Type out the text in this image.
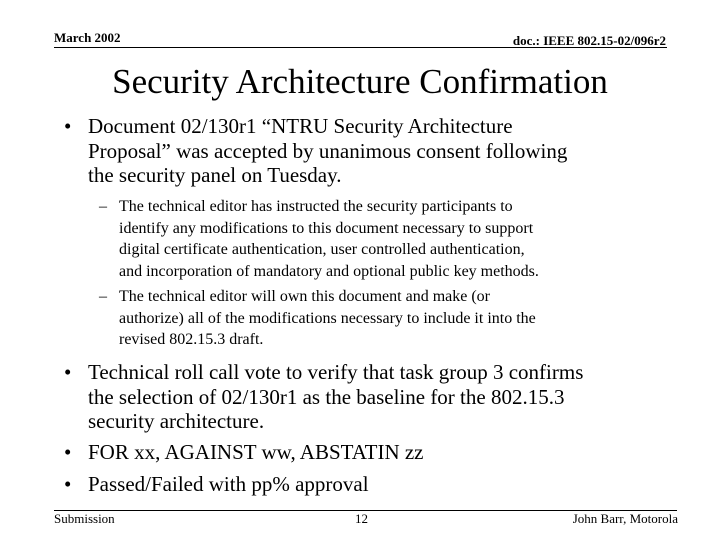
March 2002	doc.: IEEE 802.15-02/096r2
Security Architecture Confirmation
• Document 02/130r1 “NTRU Security Architecture
Proposal” was accepted by unanimous consent following
the security panel on Tuesday.
– The technical editor has instructed the security participants to
identify any modifications to this document necessary to support
digital certificate authentication, user controlled authentication,
and incorporation of mandatory and optional public key methods.
– The technical editor will own this document and make (or
authorize) all of the modifications necessary to include it into the
revised 802.15.3 draft.
• Technical roll call vote to verify that task group 3 confirms
the selection of 02/130r1 as the baseline for the 802.15.3
security architecture.
• FOR xx, AGAINST ww, ABSTATIN zz
• Passed/Failed with pp% approval
Submission	12	John Barr, Motorola
